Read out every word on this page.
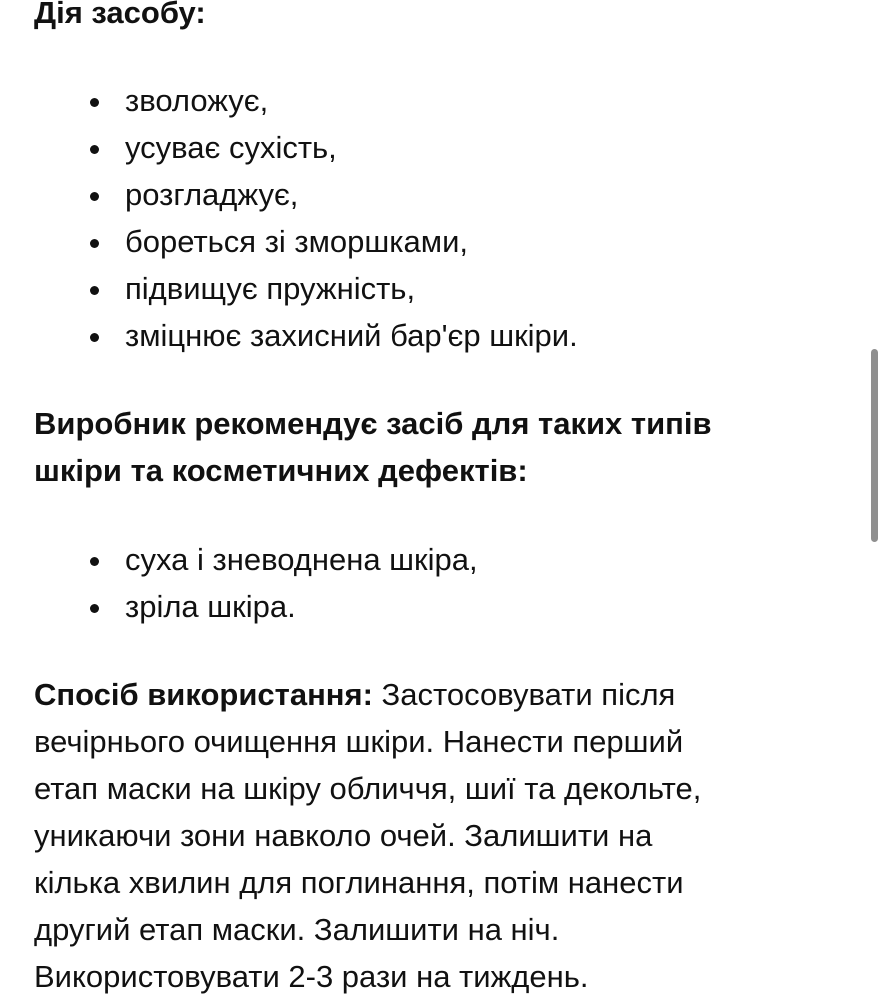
Дія засобу:

зволожує,
усуває сухість,
розгладжує,
бореться зі зморшками,
підвищує пружність,
зміцнює захисний бар'єр шкіри.

Виробник рекомендує засіб для таких типів
шкіри та косметичних дефектів:

суха і зневоднена шкіра,
зріла шкіра.

Спосіб використання: Застосовувати після
вечірнього очищення шкіри. Нанести перший
етап маски на шкіру обличчя, шиї та декольте,
уникаючи зони навколо очей. Залишити на
кілька хвилин для поглинання, потім нанести
другий етап маски. Залишити на ніч.
Використовувати 2-3 рази на тиждень.
